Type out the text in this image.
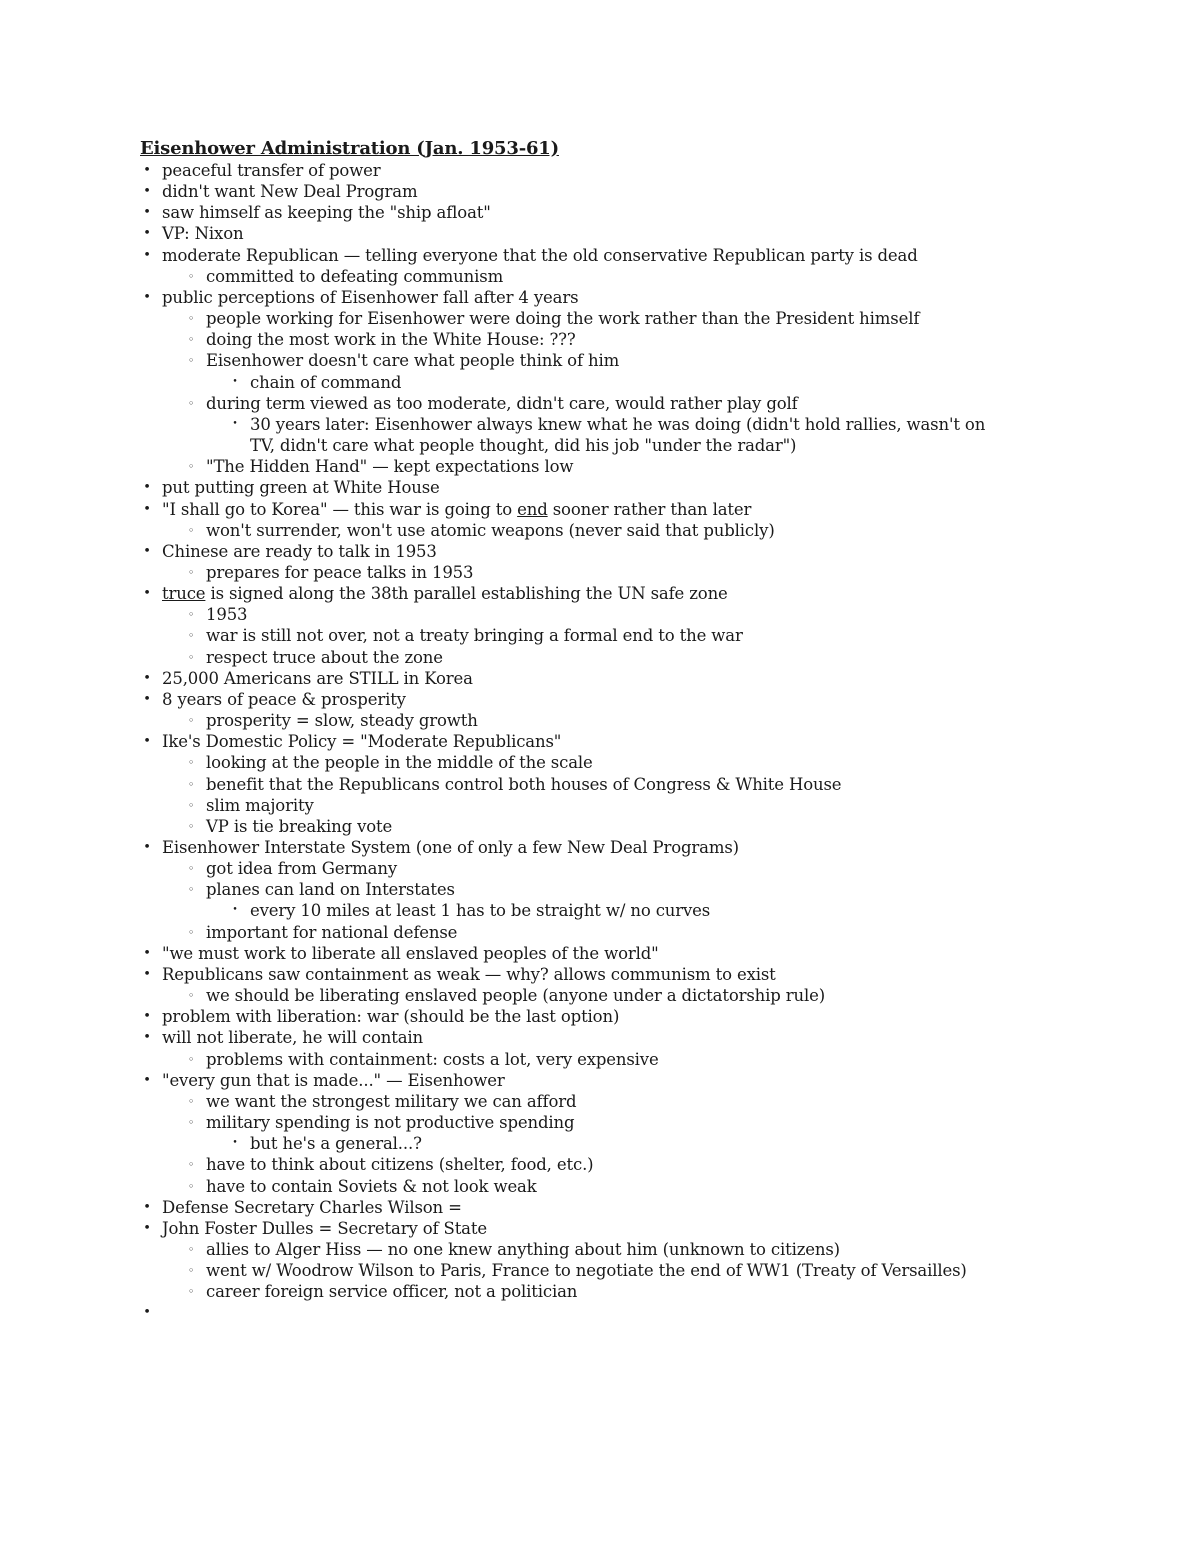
Eisenhower Administration (Jan. 1953-61)
• peaceful transfer of power
• didn't want New Deal Program
• saw himself as keeping the "ship afloat"
• VP: Nixon
• moderate Republican — telling everyone that the old conservative Republican party is dead
◦ committed to defeating communism
• public perceptions of Eisenhower fall after 4 years
◦ people working for Eisenhower were doing the work rather than the President himself
◦ doing the most work in the White House: ???
◦ Eisenhower doesn't care what people think of him
• chain of command
◦ during term viewed as too moderate, didn't care, would rather play golf
• 30 years later: Eisenhower always knew what he was doing (didn't hold rallies, wasn't on
TV, didn't care what people thought, did his job "under the radar")
◦ "The Hidden Hand" — kept expectations low
• put putting green at White House
• "I shall go to Korea" — this war is going to end sooner rather than later
◦ won't surrender, won't use atomic weapons (never said that publicly)
• Chinese are ready to talk in 1953
◦ prepares for peace talks in 1953
• truce is signed along the 38th parallel establishing the UN safe zone
◦ 1953
◦ war is still not over, not a treaty bringing a formal end to the war
◦ respect truce about the zone
• 25,000 Americans are STILL in Korea
• 8 years of peace & prosperity
◦ prosperity = slow, steady growth
• Ike's Domestic Policy = "Moderate Republicans"
◦ looking at the people in the middle of the scale
◦ benefit that the Republicans control both houses of Congress & White House
◦ slim majority
◦ VP is tie breaking vote
• Eisenhower Interstate System (one of only a few New Deal Programs)
◦ got idea from Germany
◦ planes can land on Interstates
• every 10 miles at least 1 has to be straight w/ no curves
◦ important for national defense
• "we must work to liberate all enslaved peoples of the world"
• Republicans saw containment as weak — why? allows communism to exist
◦ we should be liberating enslaved people (anyone under a dictatorship rule)
• problem with liberation: war (should be the last option)
• will not liberate, he will contain
◦ problems with containment: costs a lot, very expensive
• "every gun that is made..." — Eisenhower
◦ we want the strongest military we can afford
◦ military spending is not productive spending
• but he's a general...?
◦ have to think about citizens (shelter, food, etc.)
◦ have to contain Soviets & not look weak
• Defense Secretary Charles Wilson =
• John Foster Dulles = Secretary of State
◦ allies to Alger Hiss — no one knew anything about him (unknown to citizens)
◦ went w/ Woodrow Wilson to Paris, France to negotiate the end of WW1 (Treaty of Versailles)
◦ career foreign service officer, not a politician
•
